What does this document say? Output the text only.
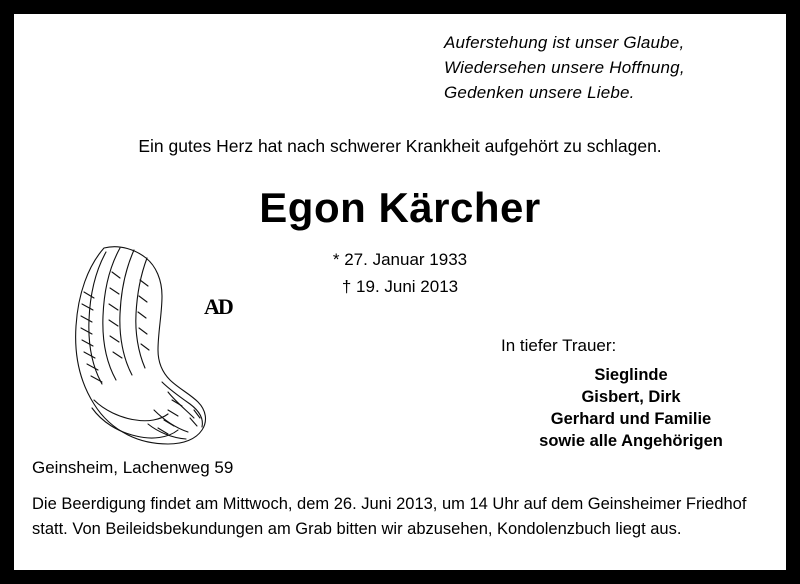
Auferstehung ist unser Glaube,
Wiedersehen unsere Hoffnung,
Gedenken unsere Liebe.
Ein gutes Herz hat nach schwerer Krankheit aufgehört zu schlagen.
Egon Kärcher
* 27. Januar 1933
† 19. Juni 2013
AD
In tiefer Trauer:
Sieglinde
Gisbert, Dirk
Gerhard und Familie
sowie alle Angehörigen
Geinsheim, Lachenweg 59
Die Beerdigung findet am Mittwoch, dem 26. Juni 2013, um 14 Uhr auf dem Geinsheimer Friedhof statt. Von Beileidsbekundungen am Grab bitten wir abzusehen, Kondolenzbuch liegt aus.
